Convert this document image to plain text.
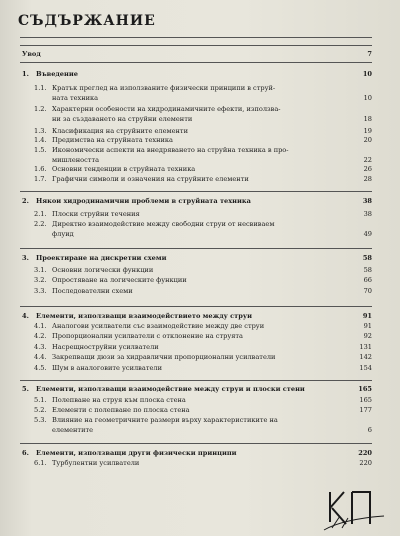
СЪДЪРЖАНИЕ
Увод	7
1. Въведение	10
1.1. Кратък преглед на използваните физически принципи в струй-
ната техника	10
1.2. Характерни особености на хидродинамичните ефекти, използва-
ни за създаването на струйни елементи	18
1.3. Класификация на струйните елементи	19
1.4. Предимства на струйната техника	20
1.5. Икономически аспекти на внедряването на струйна техника в про-
мишлеността	22
1.6. Основни тенденции в струйната техника	26
1.7. Графични символи и означения на струйните елементи	28
2. Някои хидродинамични проблеми в струйната техника	38
2.1. Плоски струйни течения	38
2.2. Директно взаимодействие между свободни струи от несвиваем
флуид	49
3. Проектиране на дискретни схеми	58
3.1. Основни логически функции	58
3.2. Опростяване на логическите функции	66
3.3. Последователни схеми	70
4. Елементи, използващи взаимодействието между струи	91
4.1. Аналогови усилватели със взаимодействие между две струи	91
4.2. Пропорционални усилватели с отклонение на струята	92
4.3. Насрещноструйни усилватели	131
4.4. Закрепващи дюзи за хидравлични пропорционални усилватели	142
4.5. Шум в аналоговите усилватели	154
5. Елементи, използващи взаимодействие между струи и плоски стени	165
5.1. Полепване на струя към плоска стена	165
5.2. Елементи с полепване по плоска стена	177
5.3. Влияние на геометричните размери върху характеристиките на
елементите	6
6. Елементи, използващи други физически принципи	220
6.1. Турбулентни усилватели	220
